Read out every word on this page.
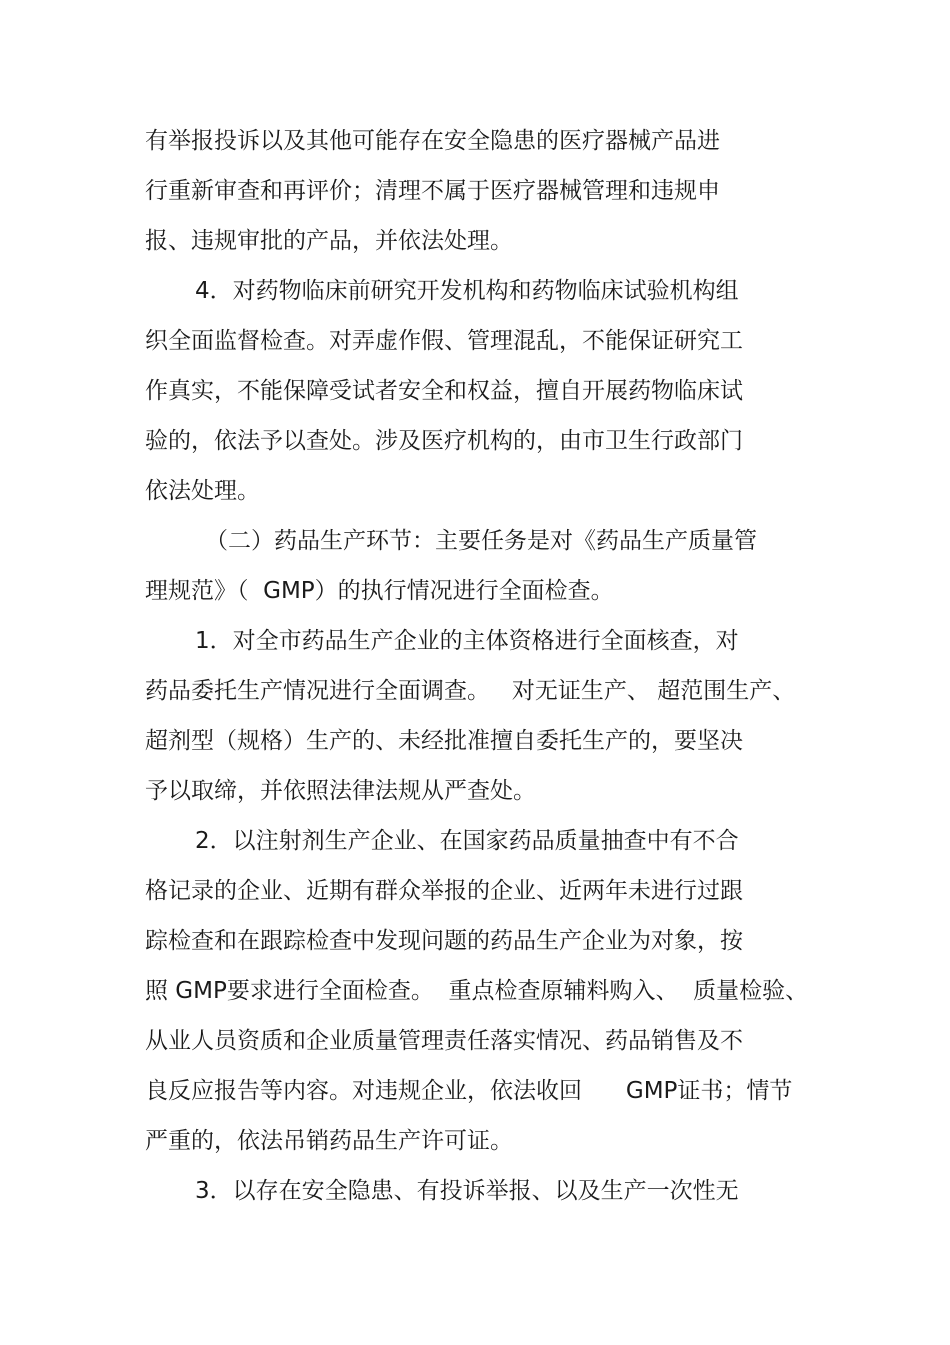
有举报投诉以及其他可能存在安全隐患的医疗器械产品进
行重新审查和再评价；清理不属于医疗器械管理和违规申
报、违规审批的产品，并依法处理。
4．对药物临床前研究开发机构和药物临床试验机构组
织全面监督检查。对弄虚作假、管理混乱，不能保证研究工
作真实，不能保障受试者安全和权益，擅自开展药物临床试
验的，依法予以查处。涉及医疗机构的，由市卫生行政部门
依法处理。
（二）药品生产环节：主要任务是对《药品生产质量管
理规范》（  GMP）的执行情况进行全面检查。
1．对全市药品生产企业的主体资格进行全面核查，对
药品委托生产情况进行全面调查。   对无证生产、 超范围生产、
超剂型（规格）生产的、未经批准擅自委托生产的，要坚决
予以取缔，并依照法律法规从严查处。
2．以注射剂生产企业、在国家药品质量抽查中有不合
格记录的企业、近期有群众举报的企业、近两年未进行过跟
踪检查和在跟踪检查中发现问题的药品生产企业为对象，按
照 GMP要求进行全面检查。  重点检查原辅料购入、  质量检验、
从业人员资质和企业质量管理责任落实情况、药品销售及不
良反应报告等内容。对违规企业，依法收回      GMP证书；情节
严重的，依法吊销药品生产许可证。
3．以存在安全隐患、有投诉举报、以及生产一次性无
